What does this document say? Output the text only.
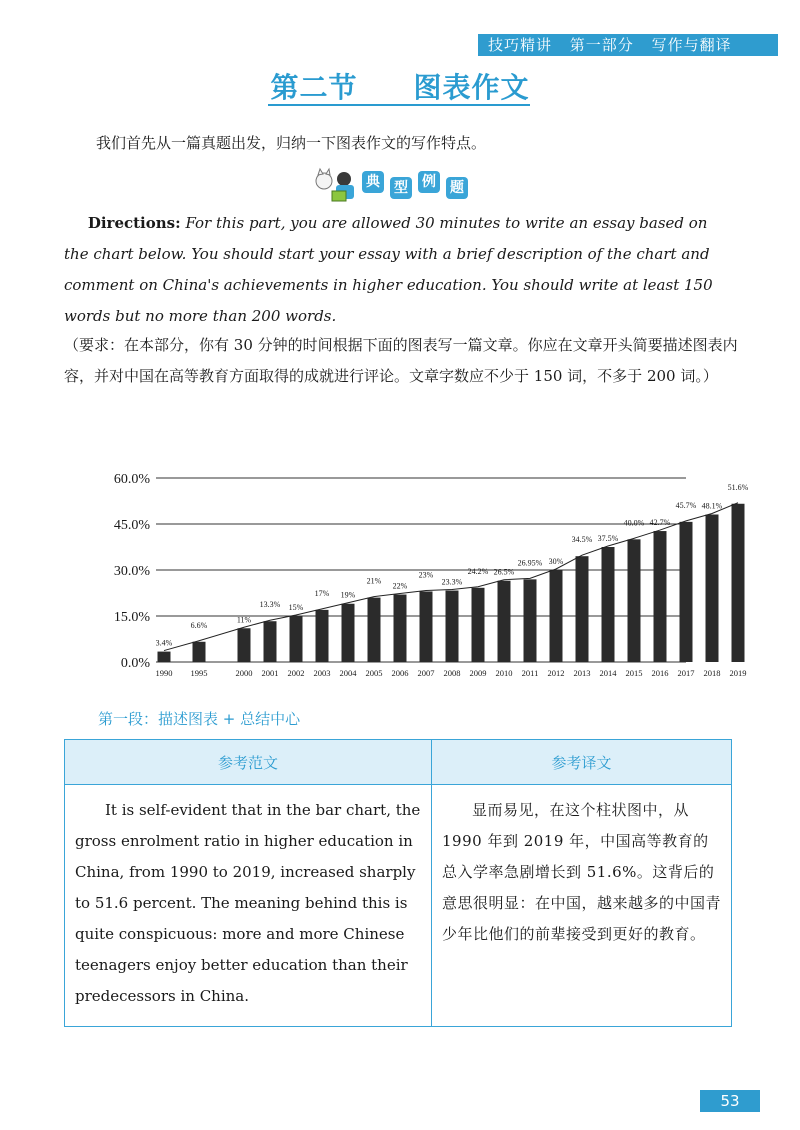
技巧精讲 第一部分 写作与翻译
第二节 图表作文
我们首先从一篇真题出发，归纳一下图表作文的写作特点。
典 型 例 题
Directions: For this part, you are allowed 30 minutes to write an essay based on the chart below. You should start your essay with a brief description of the chart and comment on China's achievements in higher education. You should write at least 150 words but no more than 200 words.
（要求：在本部分，你有 30 分钟的时间根据下面的图表写一篇文章。你应在文章开头简要描述图表内容，并对中国在高等教育方面取得的成就进行评论。文章字数应不少于 150 词，不多于 200 词。）
0.0%
15.0%
30.0%
45.0%
60.0%
3.4%
1990
6.6%
1995
11%
2000
13.3%
2001
15%
2002
17%
2003
19%
2004
21%
2005
22%
2006
23%
2007
23.3%
2008
24.2%
2009
26.5%
2010
26.95%
2011
30%
2012
34.5%
2013
37.5%
2014
40.0%
2015
42.7%
2016
45.7%
2017
48.1%
2018
51.6%
2019
第一段：描述图表 + 总结中心
参考范文	参考译文
It is self-evident that in the bar chart, the gross enrolment ratio in higher education in China, from 1990 to 2019, increased sharply to 51.6 percent. The meaning behind this is quite conspicuous: more and more Chinese teenagers enjoy better education than their predecessors in China.	显而易见，在这个柱状图中，从 1990 年到 2019 年，中国高等教育的总入学率急剧增长到 51.6%。这背后的意思很明显：在中国，越来越多的中国青少年比他们的前辈接受到更好的教育。
53
